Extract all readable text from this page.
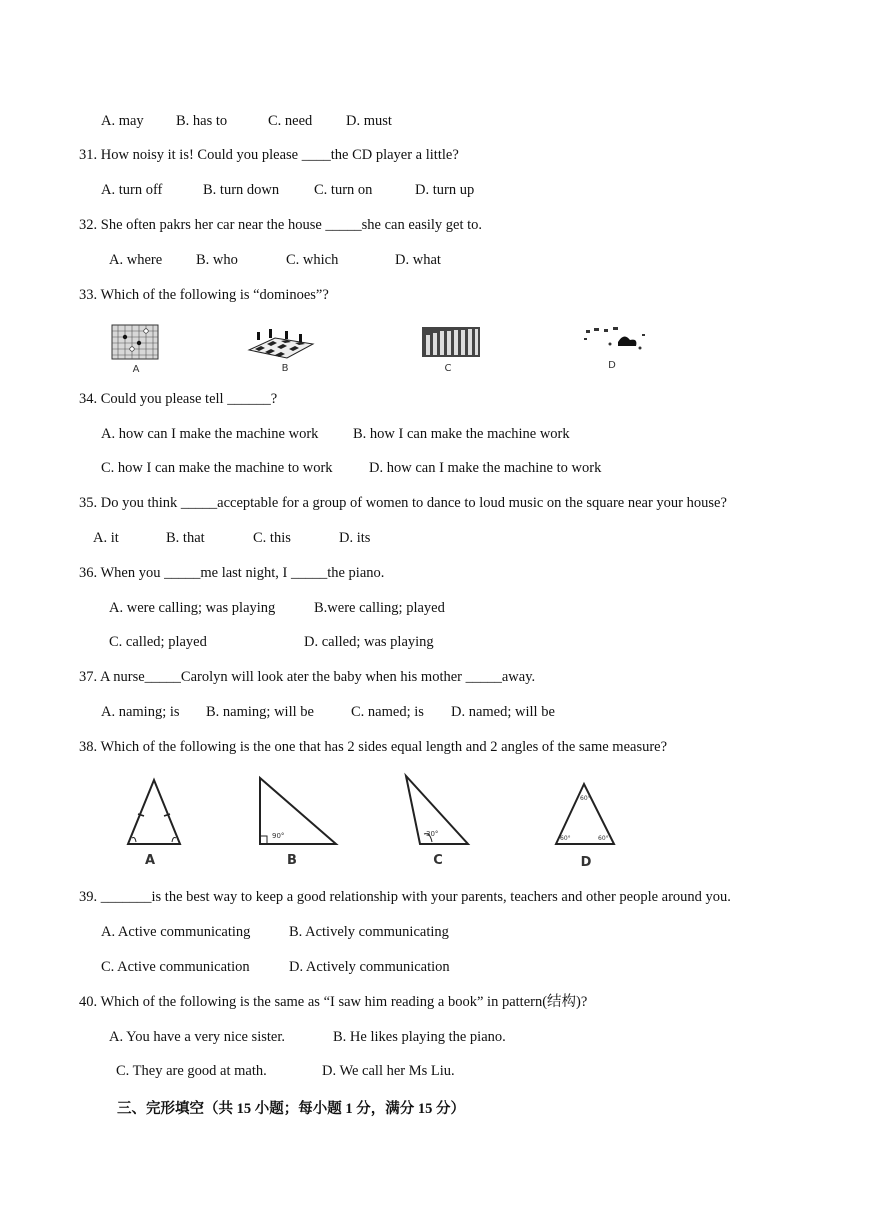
A. may B. has to	C. need D. must
31. How noisy it is! Could you please ____the CD player a little?
A. turn off	B. turn down C. turn on	D. turn up
32. She often pakrs her car near the house _____she can easily get to.
A. where B. who	C. which	D. what
33. Which of the following is “dominoes”?
A	B	C	D
34. Could you please tell ______?
A. how can I make the machine work B. how I can make the machine work
C. how I can make the machine to work	D. how can I make the machine to work
35. Do you think _____acceptable for a group of women to dance to loud music on the square near your house?
A. it	B. that	C. this	D. its
36. When you _____me last night, I _____the piano.
A. were calling; was playing	B.were calling; played
C. called; played	D. called; was playing
37. A nurse_____Carolyn will look ater the baby when his mother _____away.
A. naming; is B. naming; will be	C. named; is D. named; will be
38. Which of the following is the one that has 2 sides equal length and 2 angles of the same measure?
A
90°
B
30°
C
60°
60°	60°
D
39. _______is the best way to keep a good relationship with your parents, teachers and other people around you.
A. Active communicating	B. Actively communicating
C. Active communication	D. Actively communication
40. Which of the following is the same as “I saw him reading a book” in pattern(结构)?
A. You have a very nice sister.	B. He likes playing the piano.
C. They are good at math.	D. We call her Ms Liu.
三、完形填空（共 15 小题；每小题 1 分，满分 15 分）
